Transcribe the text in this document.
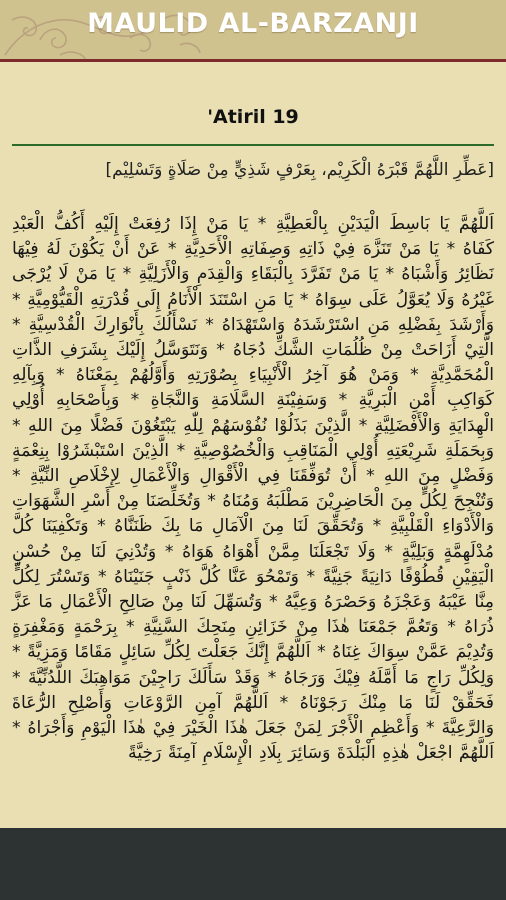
MAULID AL-BARZANJI
'Atiril 19
[عَطِّرِ اللَّهُمَّ قَبْرَهُ الْكَرِيْم، بِعَرْفٍ شَذِيٍّ مِنْ صَلَاةٍ وَتَسْلِيْم]
اَللَّهُمَّ يَا بَاسِطَ الْيَدَيْنِ بِالْعَطِيَّةِ * يَا مَنْ إِذَا رُفِعَتْ إِلَيْهِ أَكُفُّ الْعَبْدِ كَفَاهُ * يَا مَنْ تَنَزَّهَ فِيْ ذَاتِهِ وَصِفَاتِهِ الْأَحَدِيَّةِ * عَنْ أَنْ يَكُوْنَ لَهُ فِيْهَا نَظَائِرُ وَأَشْبَاهُ * يَا مَنْ تَفَرَّدَ بِالْبَقَاءِ وَالْقِدَمِ وَالْأَزَلِيَّةِ * يَا مَنْ لَا يُرْجَى غَيْرُهُ وَلَا يُعَوَّلُ عَلَى سِوَاهُ * يَا مَنِ اسْتَنَدَ الْأَنَامُ إِلَى قُدْرَتِهِ الْقَيُّوْمِيَّةِ * وَأَرْشَدَ بِفَضْلِهِ مَنِ اسْتَرْشَدَهُ وَاسْتَهْدَاهُ * نَسْأَلُكَ بِأَنْوَارِكَ الْقُدْسِيَّةِ * الَّتِيْ أَزَاحَتْ مِنْ ظُلُمَاتِ الشَّكِّ دُجَاهُ * وَنَتَوَسَّلُ إِلَيْكَ بِشَرَفِ الذَّاتِ الْمُحَمَّدِيَّةِ * وَمَنْ هُوَ آخِرُ الْأَنْبِيَاءِ بِصُوْرَتِهِ وَأَوَّلُهُمْ بِمَعْنَاهُ * وَبِآلِهِ كَوَاكِبِ أَمْنِ الْبَرِيَّةِ * وَسَفِيْنَةِ السَّلَامَةِ وَالنَّجَاةِ * وَبِأَصْحَابِهِ أُوْلِي الْهِدَايَةِ وَالْأَفْضَلِيَّةِ * الَّذِيْنَ بَذَلُوْا نُفُوْسَهُمْ لِلّٰهِ يَبْتَغُوْنَ فَضْلًا مِنَ اللهِ * وَبِحَمَلَةِ شَرِيْعَتِهِ أُوْلِي الْمَنَاقِبِ وَالْخُصُوْصِيَّةِ * الَّذِيْنَ اسْتَبْشَرُوْا بِنِعْمَةٍ وَفَضْلٍ مِنَ اللهِ * أَنْ تُوَفِّقَنَا فِي الْأَقْوَالِ وَالْأَعْمَالِ لِإِخْلَاصِ النِّيَّةِ * وَتُنْجِحَ لِكُلٍّ مِنَ الْحَاضِرِيْنَ مَطْلَبَهُ وَمُنَاهُ * وَتُخَلِّصَنَا مِنْ أَسْرِ الشَّهَوَاتِ وَالْأَدْوَاءِ الْقَلْبِيَّةِ * وَتُحَقِّقَ لَنَا مِنَ الْآمَالِ مَا بِكَ ظَنَنَّاهُ * وَتَكْفِيَنَا كُلَّ مُدْلَهِمَّةٍ وَبَلِيَّةٍ * وَلَا تَجْعَلَنَا مِمَّنْ أَهْوَاهُ هَوَاهُ * وَتُدْنِيَ لَنَا مِنْ حُسْنِ الْيَقِيْنِ قُطُوْفًا دَانِيَةً جَنِيَّةً * وَتَمْحُوَ عَنَّا كُلَّ ذَنْبٍ جَنَيْنَاهُ * وَتَسْتُرَ لِكُلٍّ مِنَّا عَيْبَهُ وَعَجْزَهُ وَحَصْرَهُ وَعِيَّهُ * وَتُسَهِّلَ لَنَا مِنْ صَالِحِ الْأَعْمَالِ مَا عَزَّ ذُرَاهُ * وَتَعُمَّ جَمْعَنَا هٰذَا مِنْ خَزَائِنِ مِنَحِكَ السَّنِيَّةِ * بِرَحْمَةٍ وَمَغْفِرَةٍ وَتُدِيْمَ عَمَّنْ سِوَاكَ غِنَاهُ * اَللَّهُمَّ إِنَّكَ جَعَلْتَ لِكُلِّ سَائِلٍ مَقَامًا وَمَزِيَّةً * وَلِكُلِّ رَاجٍ مَا أَمَّلَهُ فِيْكَ وَرَجَاهُ * وَقَدْ سَأَلَكَ رَاجِيْنَ مَوَاهِبَكَ اللَّدُنِّيَّةَ * فَحَقِّقْ لَنَا مَا مِنْكَ رَجَوْنَاهُ * اَللَّهُمَّ آمِنِ الرَّوْعَاتِ وَأَصْلِحِ الرُّعَاةَ وَالرَّعِيَّةَ * وَأَعْظِمِ الْأَجْرَ لِمَنْ جَعَلَ هٰذَا الْخَيْرَ فِيْ هٰذَا الْيَوْمِ وَأَجْرَاهُ * اَللَّهُمَّ اجْعَلْ هٰذِهِ الْبَلْدَةَ وَسَائِرَ بِلَادِ الْإِسْلَامِ آمِنَةً رَخِيَّةً
